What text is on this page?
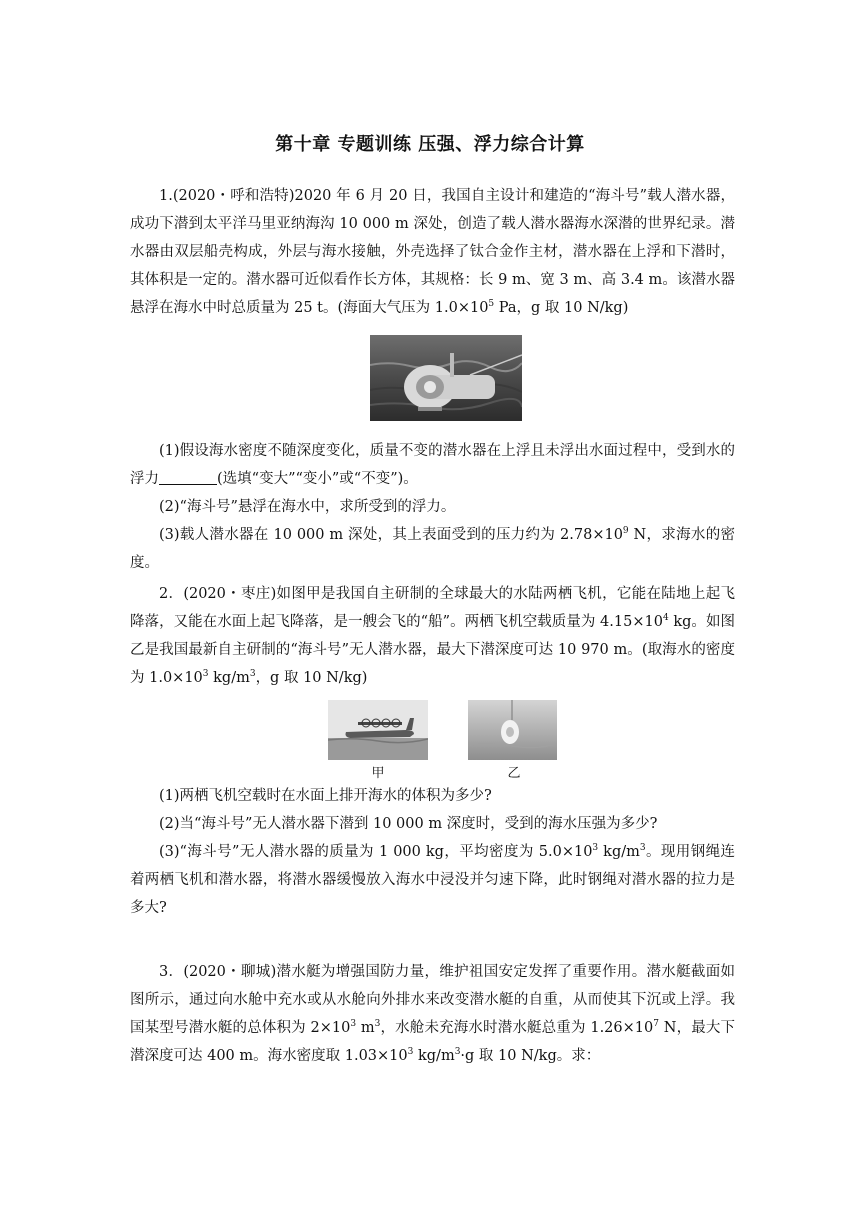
第十章 专题训练 压强、浮力综合计算

1.(2020・呼和浩特)2020 年 6 月 20 日，我国自主设计和建造的“海斗号”载人潜水器，成功下潜到太平洋马里亚纳海沟 10 000 m 深处，创造了载人潜水器海水深潜的世界纪录。潜水器由双层船壳构成，外层与海水接触，外壳选择了钛合金作主材，潜水器在上浮和下潜时，其体积是一定的。潜水器可近似看作长方体，其规格：长 9 m、宽 3 m、高 3.4 m。该潜水器悬浮在海水中时总质量为 25 t。(海面大气压为 $1.0\times 10^5$ Pa，g 取 10 N/kg)

(1)假设海水密度不随深度变化，质量不变的潜水器在上浮且未浮出水面过程中，受到水的浮力	(选填“变大”“变小”或“不变”)。

(2)“海斗号”悬浮在海水中，求所受到的浮力。

(3)载人潜水器在 10 000 m 深处，其上表面受到的压力约为 $2.78\times 10^9$ N，求海水的密度。

2．(2020・枣庄)如图甲是我国自主研制的全球最大的水陆两栖飞机，它能在陆地上起飞降落，又能在水面上起飞降落，是一艘会飞的“船”。两栖飞机空载质量为 $4.15\times 10^4$ kg。如图乙是我国最新自主研制的“海斗号”无人潜水器，最大下潜深度可达 10 970 m。(取海水的密度为 $1.0\times 10^3$ $kg/m^3$，g 取 10 N/kg)

甲	乙

(1)两栖飞机空载时在水面上排开海水的体积为多少?

(2)当“海斗号”无人潜水器下潜到 10 000 m 深度时，受到的海水压强为多少?

(3)“海斗号”无人潜水器的质量为 1 000 kg，平均密度为 $5.0\times 10^3$ $kg/m^3$。现用钢绳连着两栖飞机和潜水器，将潜水器缓慢放入海水中浸没并匀速下降，此时钢绳对潜水器的拉力是多大?

3．(2020・聊城)潜水艇为增强国防力量，维护祖国安定发挥了重要作用。潜水艇截面如图所示，通过向水舱中充水或从水舱向外排水来改变潜水艇的自重，从而使其下沉或上浮。我国某型号潜水艇的总体积为 $2\times 10^3$ $m^3$，水舱未充海水时潜水艇总重为 $1.26\times 10^7$ N，最大下潜深度可达 400 m。海水密度取 $1.03\times 10^3$ $kg/m^3\cdot g$ 取 10 N/kg。求：
